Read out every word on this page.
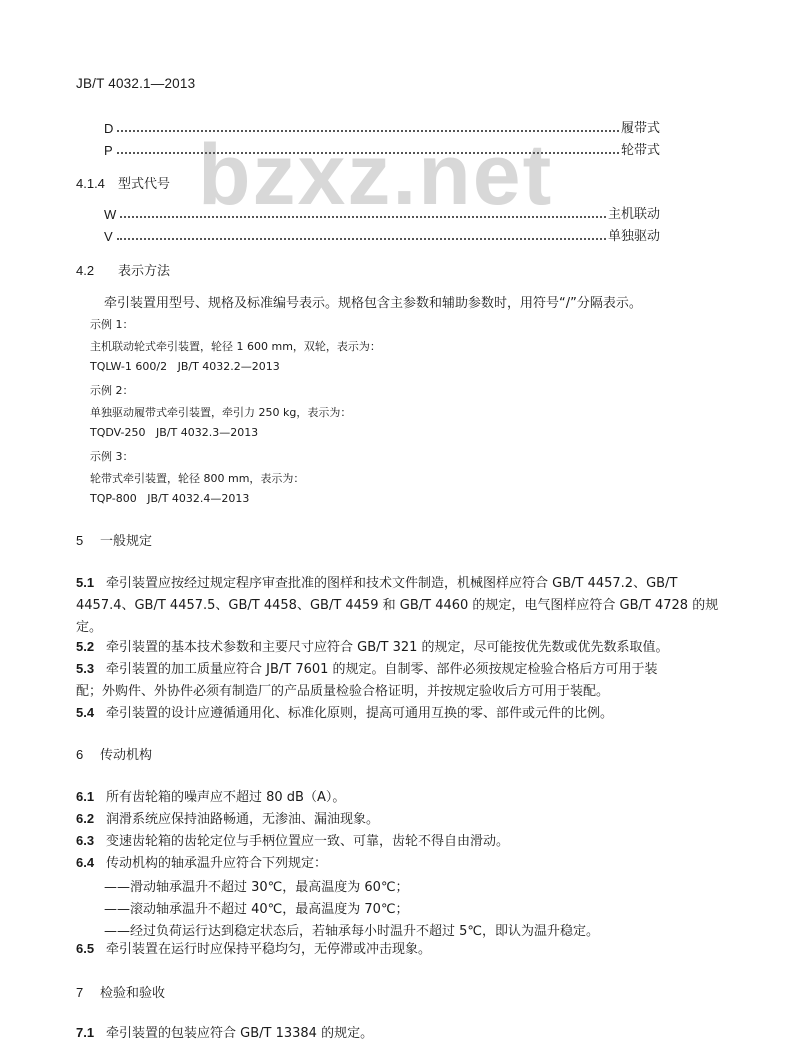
JB/T 4032.1—2013
bzxz.net
D	履带式
P	轮带式
4.1.4 型式代号
W	主机联动
V	单独驱动
4.2 表示方法
牵引装置用型号、规格及标准编号表示。规格包含主参数和辅助参数时，用符号“/”分隔表示。
示例 1：
主机联动轮式牵引装置，轮径 1 600 mm，双轮，表示为：
TQLW-1 600/2   JB/T 4032.2—2013
示例 2：
单独驱动履带式牵引装置，牵引力 250 kg，表示为：
TQDV-250   JB/T 4032.3—2013
示例 3：
轮带式牵引装置，轮径 800 mm，表示为：
TQP-800   JB/T 4032.4—2013
5 一般规定
5.1 牵引装置应按经过规定程序审查批准的图样和技术文件制造，机械图样应符合 GB/T 4457.2、GB/T
4457.4、GB/T 4457.5、GB/T 4458、GB/T 4459 和 GB/T 4460 的规定，电气图样应符合 GB/T 4728 的规
定。
5.2 牵引装置的基本技术参数和主要尺寸应符合 GB/T 321 的规定，尽可能按优先数或优先数系取值。
5.3 牵引装置的加工质量应符合 JB/T 7601 的规定。自制零、部件必须按规定检验合格后方可用于装
配；外购件、外协件必须有制造厂的产品质量检验合格证明，并按规定验收后方可用于装配。
5.4 牵引装置的设计应遵循通用化、标准化原则，提高可通用互换的零、部件或元件的比例。
6 传动机构
6.1 所有齿轮箱的噪声应不超过 80 dB（A）。
6.2 润滑系统应保持油路畅通，无渗油、漏油现象。
6.3 变速齿轮箱的齿轮定位与手柄位置应一致、可靠，齿轮不得自由滑动。
6.4 传动机构的轴承温升应符合下列规定：
——滑动轴承温升不超过 30℃，最高温度为 60℃；
——滚动轴承温升不超过 40℃，最高温度为 70℃；
——经过负荷运行达到稳定状态后，若轴承每小时温升不超过 5℃，即认为温升稳定。
6.5 牵引装置在运行时应保持平稳均匀，无停滞或冲击现象。
7 检验和验收
7.1 牵引装置的包装应符合 GB/T 13384 的规定。
